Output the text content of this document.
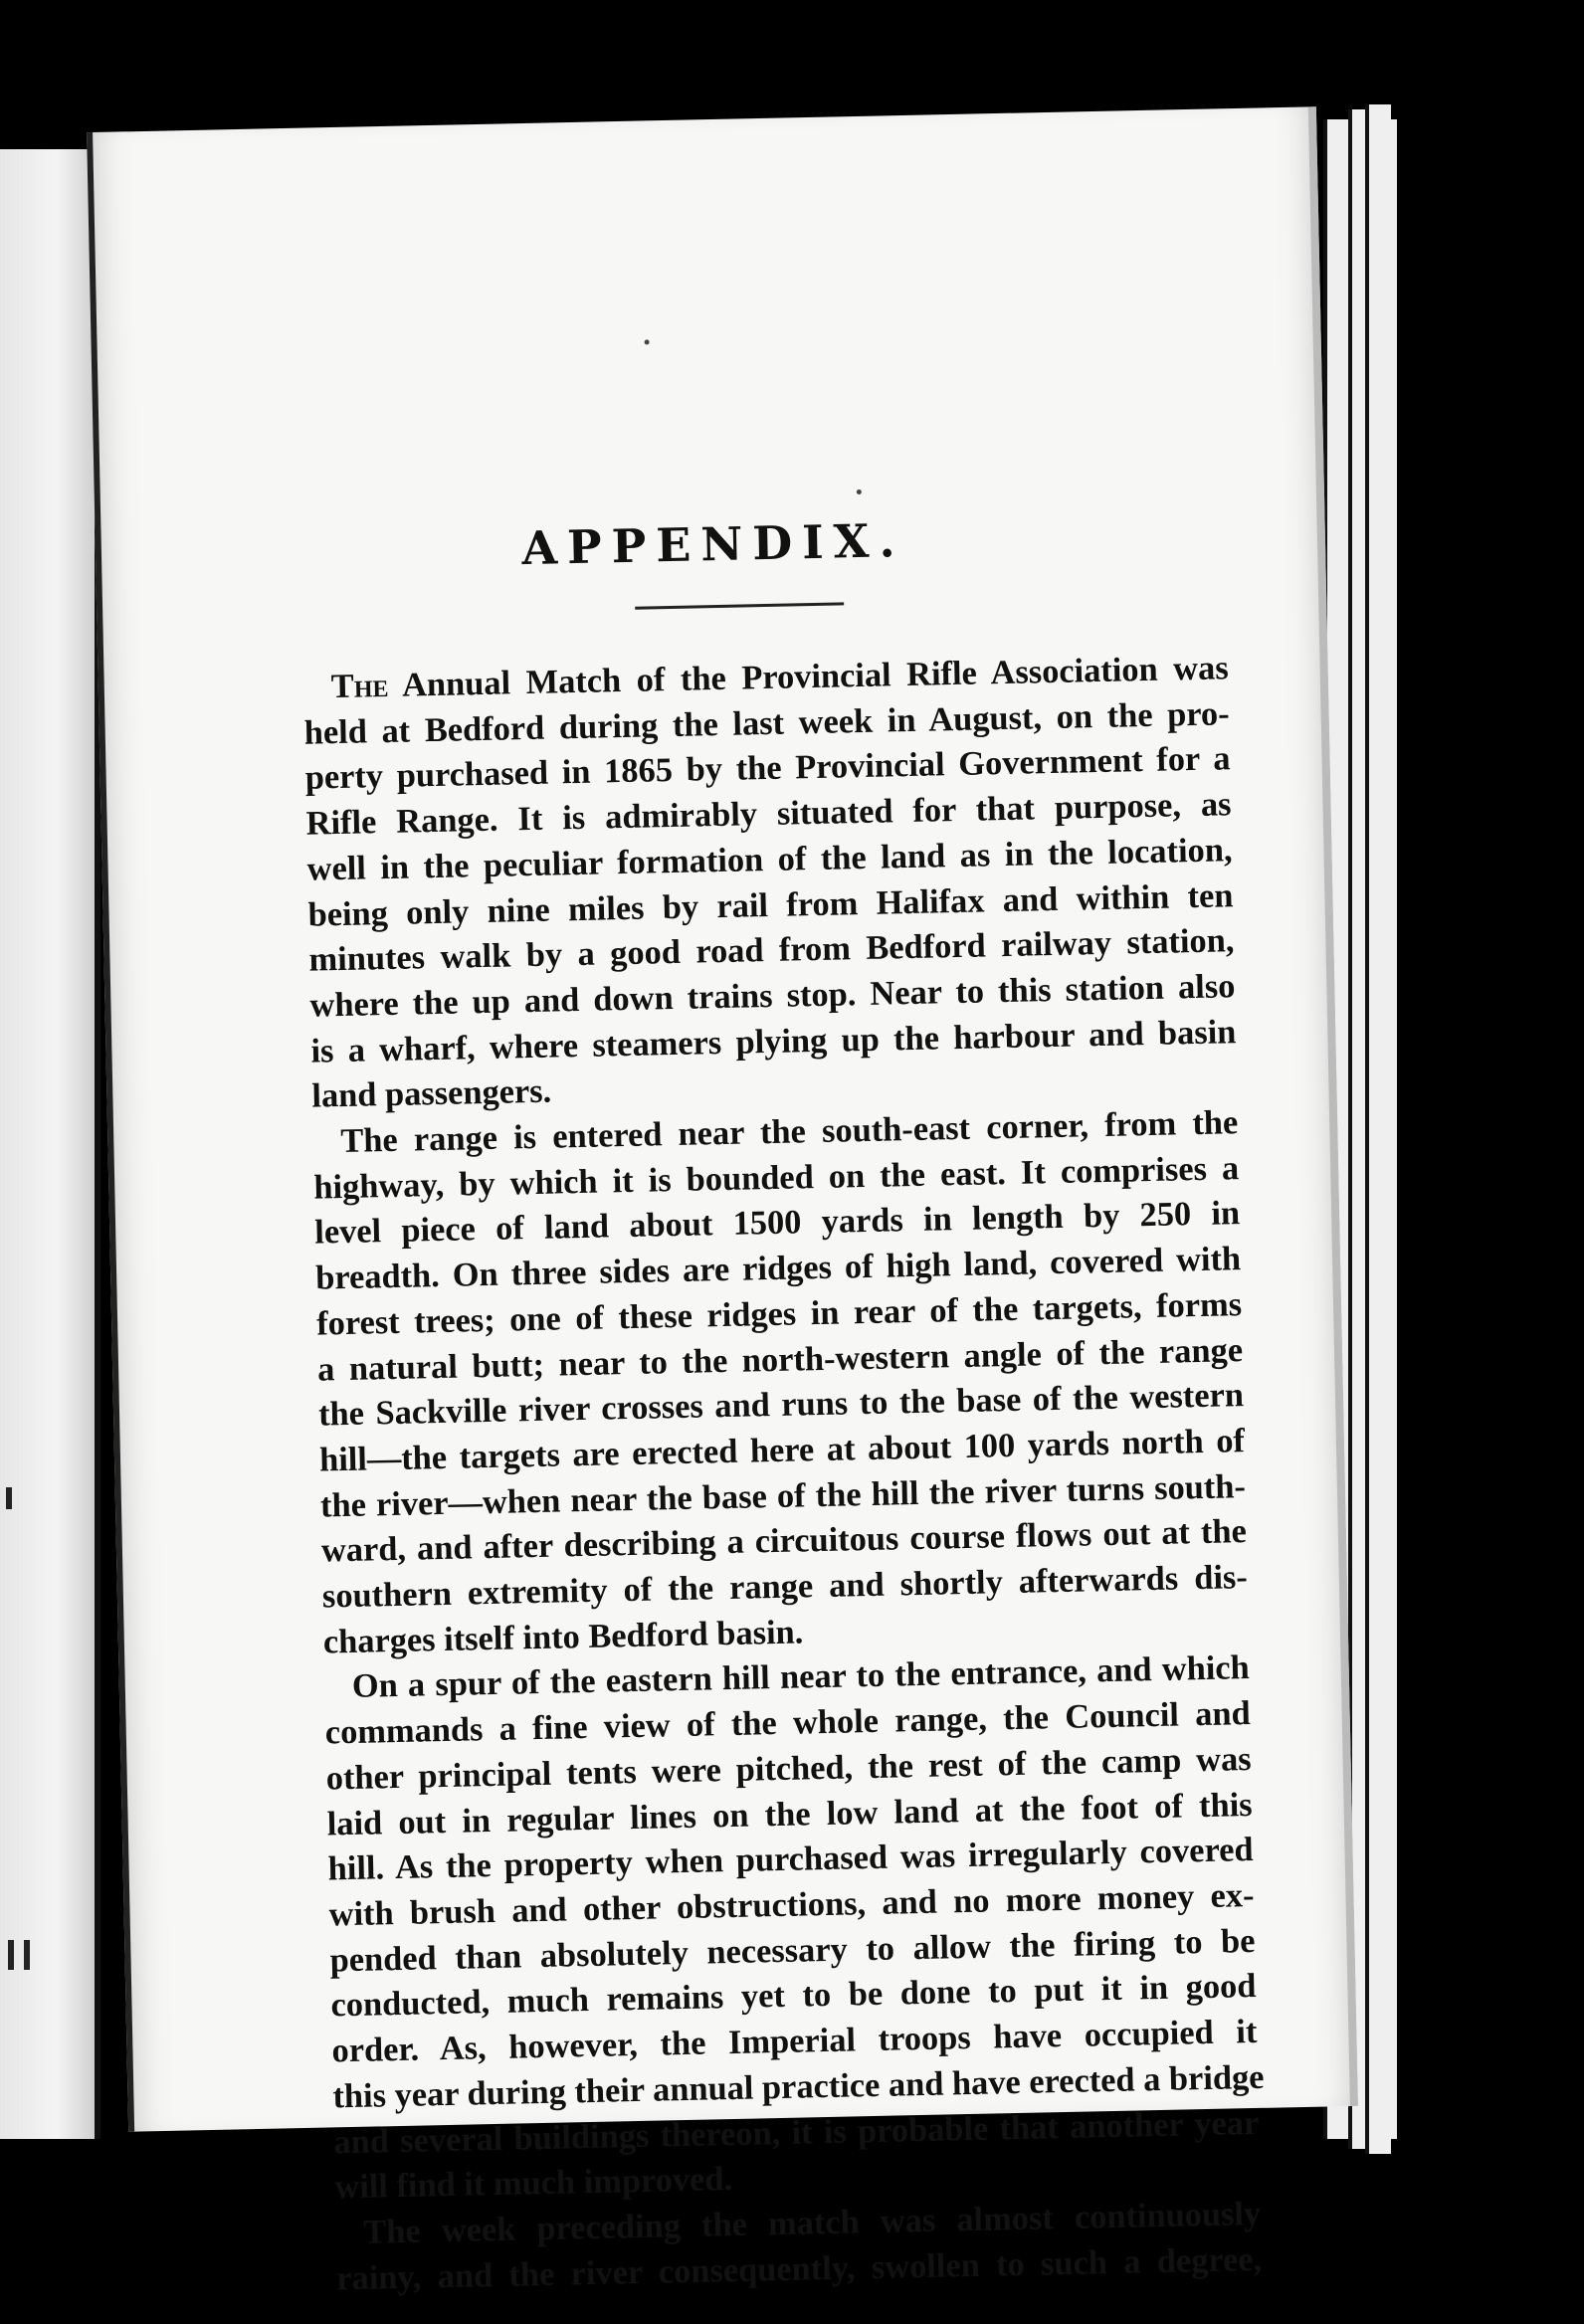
APPENDIX.
The Annual Match of the Provincial Rifle Association was
held at Bedford during the last week in August, on the pro-
perty purchased in 1865 by the Provincial Government for a
Rifle Range. It is admirably situated for that purpose, as
well in the peculiar formation of the land as in the location,
being only nine miles by rail from Halifax and within ten
minutes walk by a good road from Bedford railway station,
where the up and down trains stop. Near to this station also
is a wharf, where steamers plying up the harbour and basin
land passengers.
The range is entered near the south-east corner, from the
highway, by which it is bounded on the east. It comprises a
level piece of land about 1500 yards in length by 250 in
breadth. On three sides are ridges of high land, covered with
forest trees; one of these ridges in rear of the targets, forms
a natural butt; near to the north-western angle of the range
the Sackville river crosses and runs to the base of the western
hill—the targets are erected here at about 100 yards north of
the river—when near the base of the hill the river turns south-
ward, and after describing a circuitous course flows out at the
southern extremity of the range and shortly afterwards dis-
charges itself into Bedford basin.
On a spur of the eastern hill near to the entrance, and which
commands a fine view of the whole range, the Council and
other principal tents were pitched, the rest of the camp was
laid out in regular lines on the low land at the foot of this
hill. As the property when purchased was irregularly covered
with brush and other obstructions, and no more money ex-
pended than absolutely necessary to allow the firing to be
conducted, much remains yet to be done to put it in good
order. As, however, the Imperial troops have occupied it
this year during their annual practice and have erected a bridge
and several buildings thereon, it is probable that another year
will find it much improved.
The week preceding the match was almost continuously
rainy, and the river consequently, swollen to such a degree,
